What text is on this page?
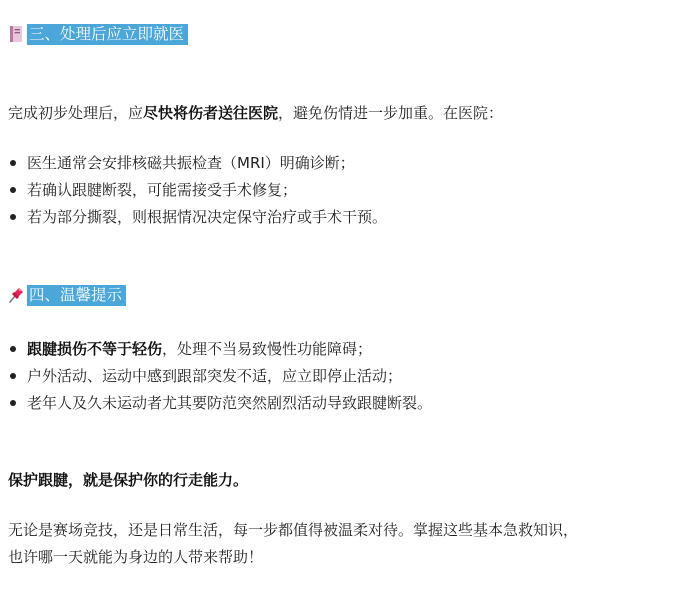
三、处理后应立即就医
完成初步处理后，应尽快将伤者送往医院，避免伤情进一步加重。在医院：
医生通常会安排核磁共振检查（MRI）明确诊断；
若确认跟腱断裂，可能需接受手术修复；
若为部分撕裂，则根据情况决定保守治疗或手术干预。
四、温馨提示
跟腱损伤不等于轻伤，处理不当易致慢性功能障碍；
户外活动、运动中感到跟部突发不适，应立即停止活动；
老年人及久未运动者尤其要防范突然剧烈活动导致跟腱断裂。
保护跟腱，就是保护你的行走能力。
无论是赛场竞技，还是日常生活，每一步都值得被温柔对待。掌握这些基本急救知识，
也许哪一天就能为身边的人带来帮助！
